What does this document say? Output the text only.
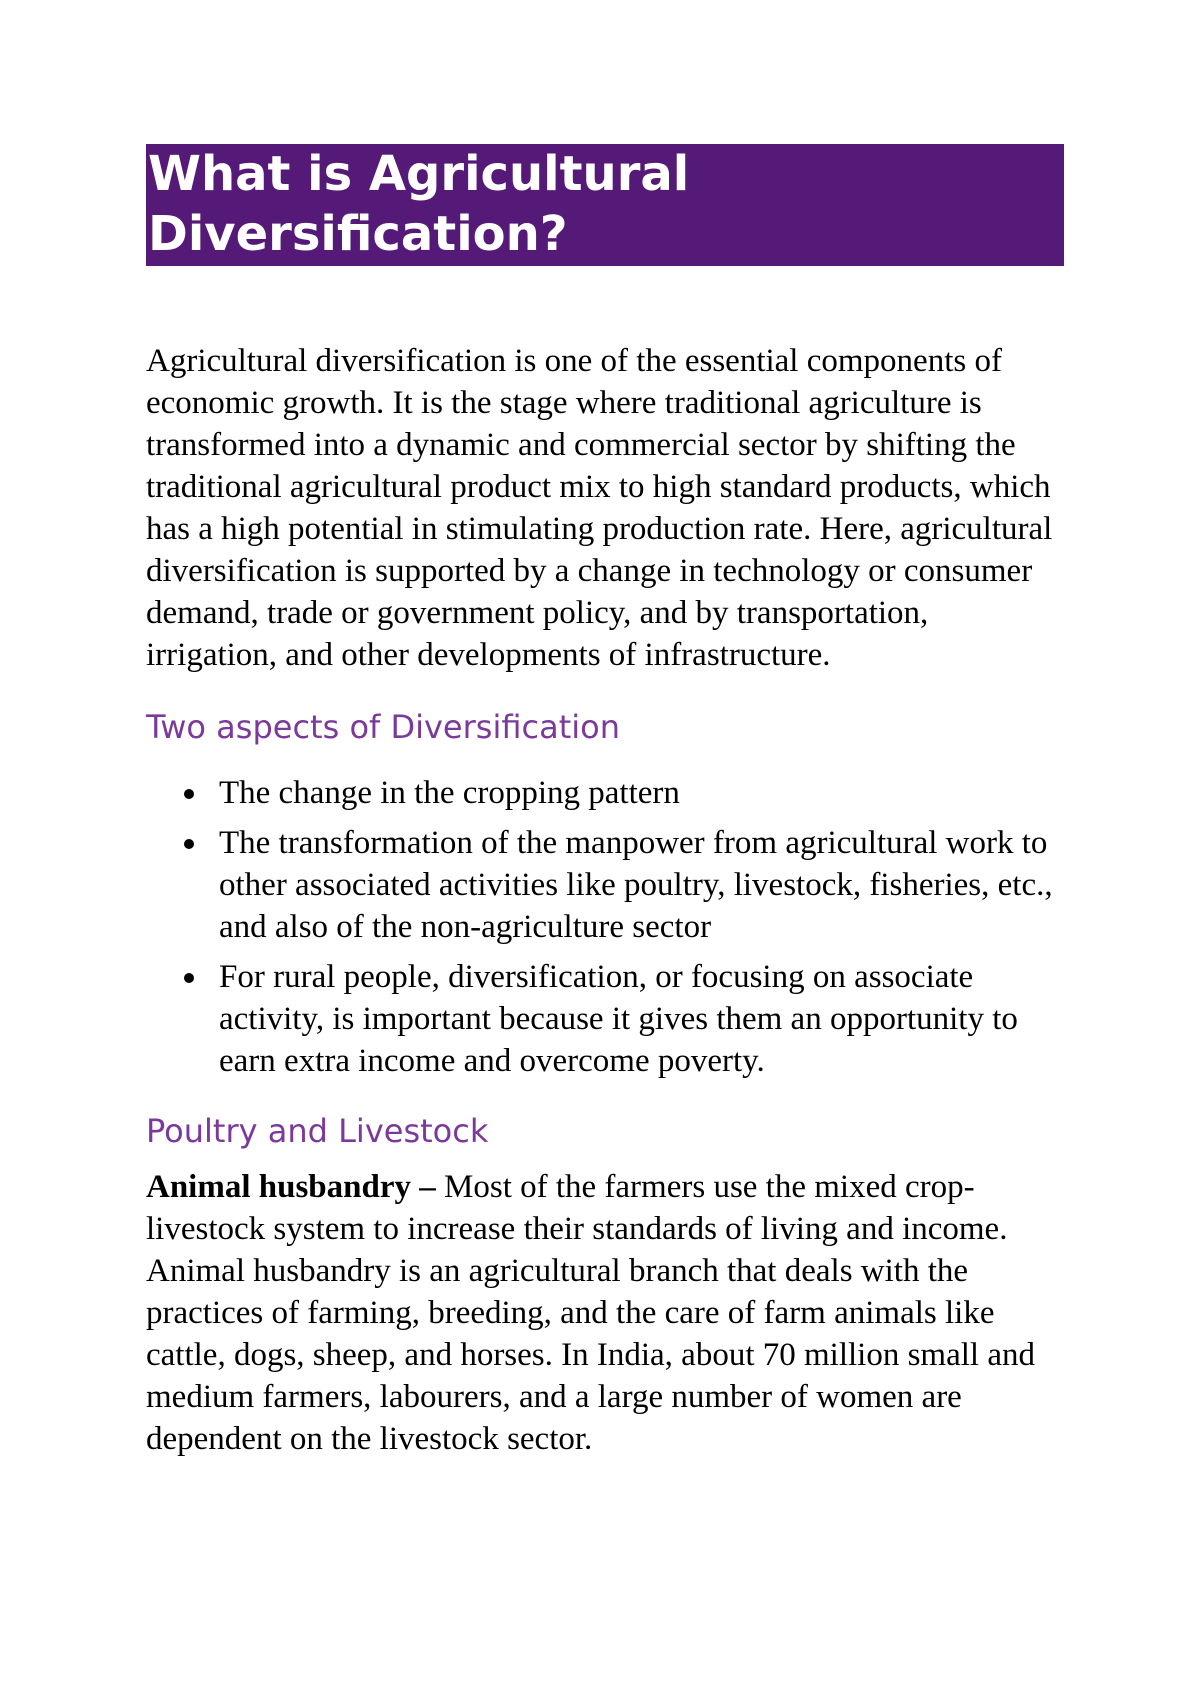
What is Agricultural Diversification?

Agricultural diversification is one of the essential components of economic growth. It is the stage where traditional agriculture is transformed into a dynamic and commercial sector by shifting the traditional agricultural product mix to high standard products, which has a high potential in stimulating production rate. Here, agricultural diversification is supported by a change in technology or consumer demand, trade or government policy, and by transportation, irrigation, and other developments of infrastructure.

Two aspects of Diversification
The change in the cropping pattern
The transformation of the manpower from agricultural work to other associated activities like poultry, livestock, fisheries, etc., and also of the non-agriculture sector
For rural people, diversification, or focusing on associate activity, is important because it gives them an opportunity to earn extra income and overcome poverty.
Poultry and Livestock

Animal husbandry – Most of the farmers use the mixed crop-livestock system to increase their standards of living and income. Animal husbandry is an agricultural branch that deals with the practices of farming, breeding, and the care of farm animals like cattle, dogs, sheep, and horses. In India, about 70 million small and medium farmers, labourers, and a large number of women are dependent on the livestock sector.
